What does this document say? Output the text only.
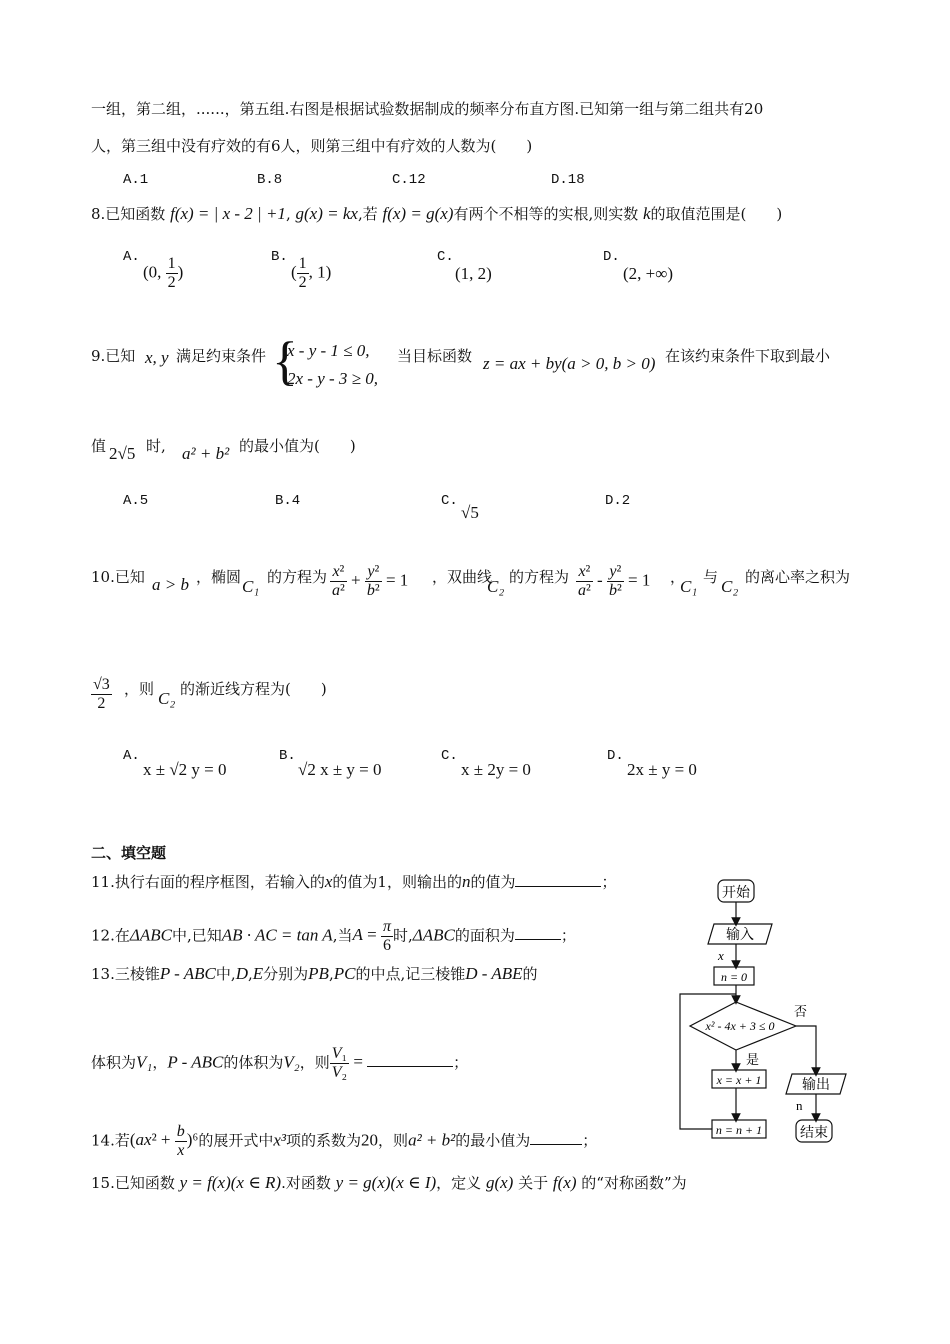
一组，第二组，......，第五组.右图是根据试验数据制成的频率分布直方图.已知第一组与第二组共有20
人，第三组中没有疗效的有6人，则第三组中有疗效的人数为(　　)
A.1	B.8	C.12	D.18
8.已知函数 f(x) = | x - 2 | +1, g(x) = kx,若 f(x) = g(x)有两个不相等的实根,则实数 k的取值范围是(　　)
A.
(0, $\frac{1}{2}$ )
B.
( $\frac{1}{2}$ , 1)
C.
(1, 2)
D.
(2, +∞)
9.已知 x, y 满足约束条件 {
x - y - 1 ≤ 0,
2x - y - 3 ≥ 0,
当目标函数 z = ax + by(a > 0, b > 0) 在该约束条件下取到最小
值 2√5 时, a² + b² 的最小值为(　　)
A.5	B.4	C.
√5
D.2
10.已知 a > b ，椭圆 C₁ 的方程为 $\frac{\text{x²}}{\text{a²}} + \frac{\text{y²}}{\text{b²}} = 1$ ，双曲线
C₂ 的方程为 $\frac{\text{x²}}{\text{a²}} - \frac{\text{y²}}{\text{b²}} = 1$ ，
C₁ 与 C₂ 的离心率之积为
$\frac{√3}{2}$ ，则 C₂ 的渐近线方程为(　　)
A.
x ± √2 y = 0
B.
√2 x ± y = 0
C.
x ± 2y = 0
D.
2x ± y = 0
二、填空题
11.执行右面的程序框图，若输入的x的值为1，则输出的n的值为	；
12.在ΔABC中,已知AB · AC = tan A,当$A = \frac{\pi}{6}$ 时,ΔABC的面积为	；
13.三棱锥P - ABC中,D,E分别为PB,PC的中点,记三棱锥D - ABE的
体积为V₁，P - ABC的体积为V₂，则 $\frac{\text{V₁}}{\text{V₂}}$ =	；
14.若$(ax^2 + \frac{b}{x} )^6$的展开式中x³项的系数为20，则a² + b²的最小值为	；
15.已知函数 y = f(x)(x ∈ R).对函数 y = g(x)(x ∈ I)，定义 g(x) 关于 f(x) 的“对称函数”为
开始
输入
x
n = 0
x² - 4x + 3 ≤ 0
否
是
x = x + 1
n = n + 1
输出
n
结束
